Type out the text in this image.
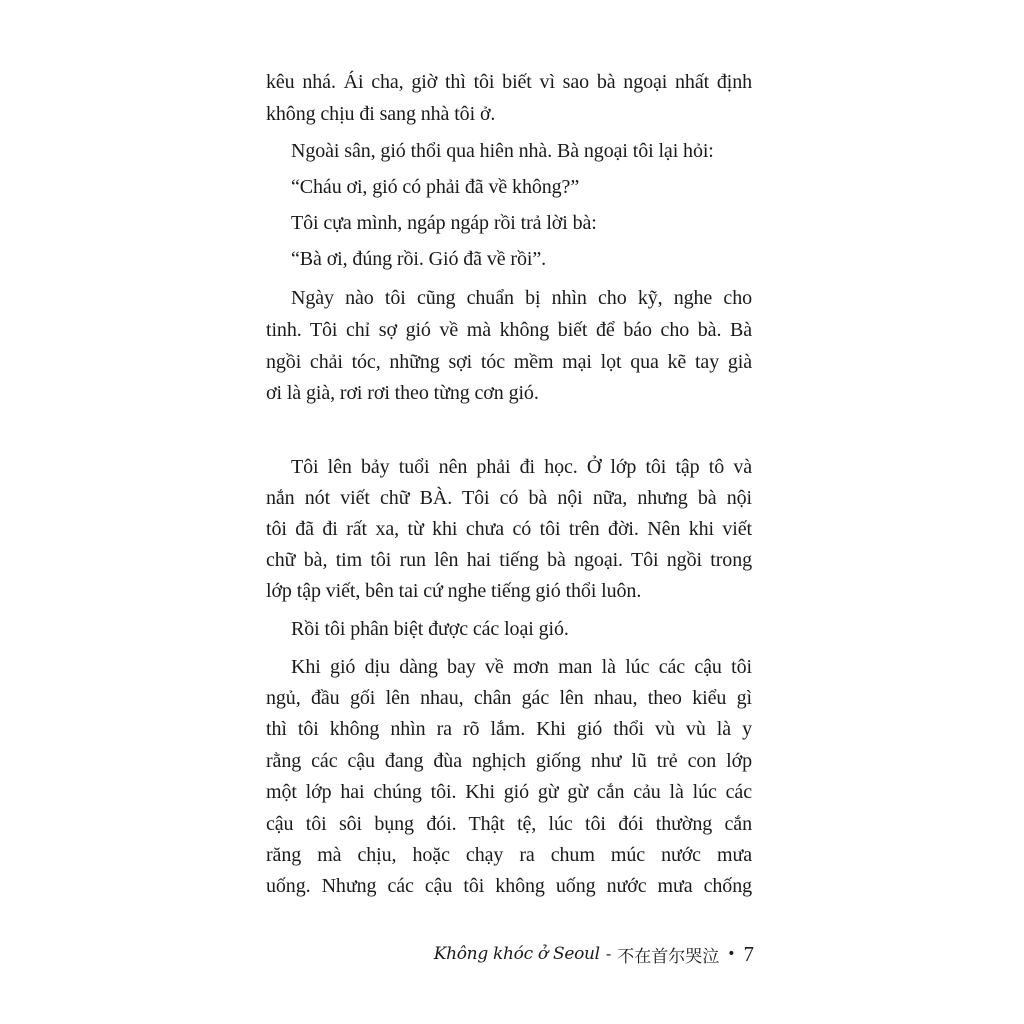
kêu nhá. Ái cha, giờ thì tôi biết vì sao bà ngoại nhất định
không chịu đi sang nhà tôi ở.
Ngoài sân, gió thổi qua hiên nhà. Bà ngoại tôi lại hỏi:
“Cháu ơi, gió có phải đã về không?”
Tôi cựa mình, ngáp ngáp rồi trả lời bà:
“Bà ơi, đúng rồi. Gió đã về rồi”.
Ngày nào tôi cũng chuẩn bị nhìn cho kỹ, nghe cho
tinh. Tôi chỉ sợ gió về mà không biết để báo cho bà. Bà
ngồi chải tóc, những sợi tóc mềm mại lọt qua kẽ tay già
ơi là già, rơi rơi theo từng cơn gió.
Tôi lên bảy tuổi nên phải đi học. Ở lớp tôi tập tô và
nắn nót viết chữ BÀ. Tôi có bà nội nữa, nhưng bà nội
tôi đã đi rất xa, từ khi chưa có tôi trên đời. Nên khi viết
chữ bà, tim tôi run lên hai tiếng bà ngoại. Tôi ngồi trong
lớp tập viết, bên tai cứ nghe tiếng gió thổi luôn.
Rồi tôi phân biệt được các loại gió.
Khi gió dịu dàng bay về mơn man là lúc các cậu tôi
ngủ, đầu gối lên nhau, chân gác lên nhau, theo kiểu gì
thì tôi không nhìn ra rõ lắm. Khi gió thổi vù vù là y
rằng các cậu đang đùa nghịch giống như lũ trẻ con lớp
một lớp hai chúng tôi. Khi gió gừ gừ cắn cảu là lúc các
cậu tôi sôi bụng đói. Thật tệ, lúc tôi đói thường cắn
răng mà chịu, hoặc chạy ra chum múc nước mưa
uống. Nhưng các cậu tôi không uống nước mưa chống
Không khóc ở Seoul - 不在首尔哭泣 • 7
